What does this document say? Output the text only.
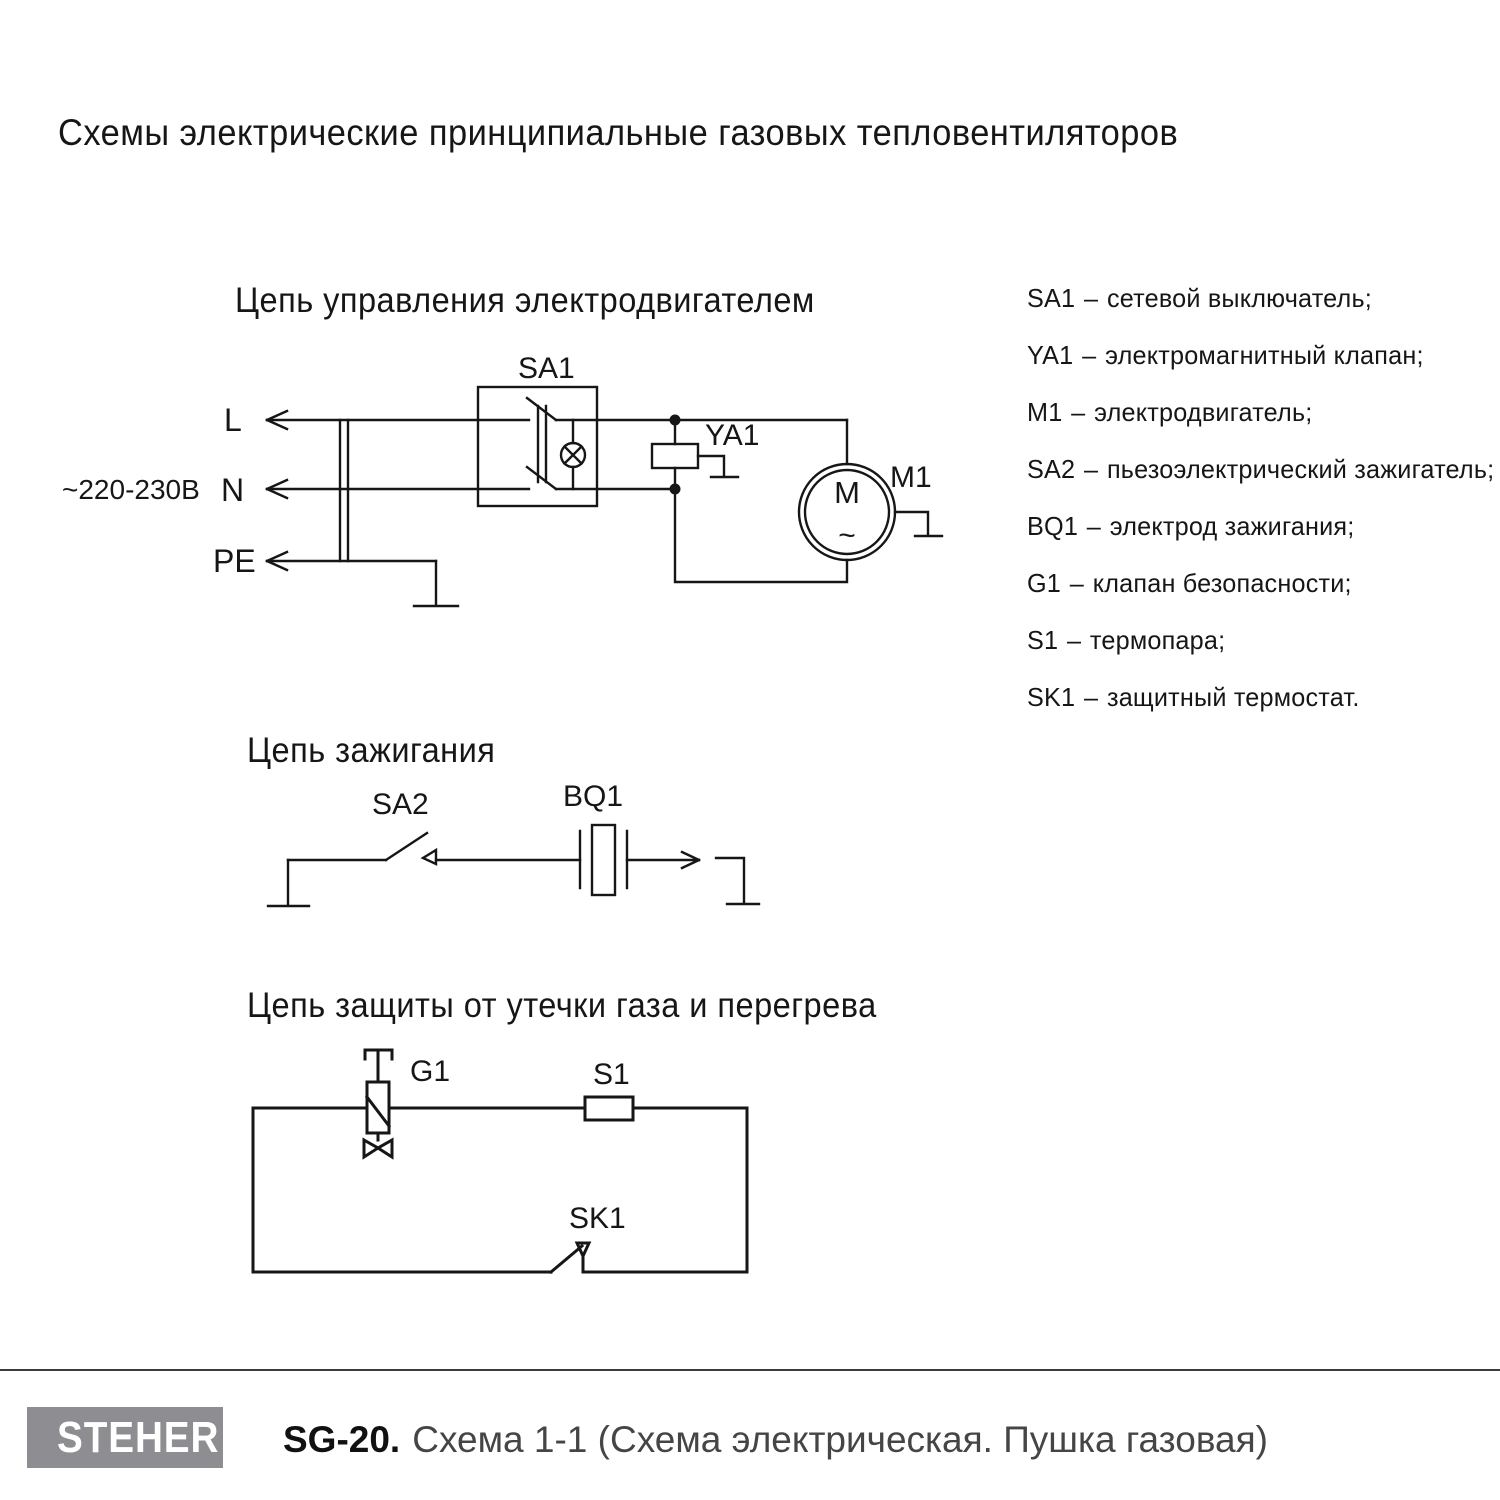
Схемы электрические принципиальные газовых тепловентиляторов
Цепь управления электродвигателем
Цепь зажигания
Цепь защиты от утечки газа и перегрева
M
~
~220-230В
L
N
PE
SA1
YA1
M1
SA2	BQ1
G1	S1
SK1
SA1 – сетевой выключатель;
YA1 – электромагнитный клапан;
M1 – электродвигатель;
SA2 – пьезоэлектрический зажигатель;
BQ1 – электрод зажигания;
G1 – клапан безопасности;
S1 – термопара;
SK1 – защитный термостат.
STEHER SG-20. Схема 1-1 (Схема электрическая. Пушка газовая)
